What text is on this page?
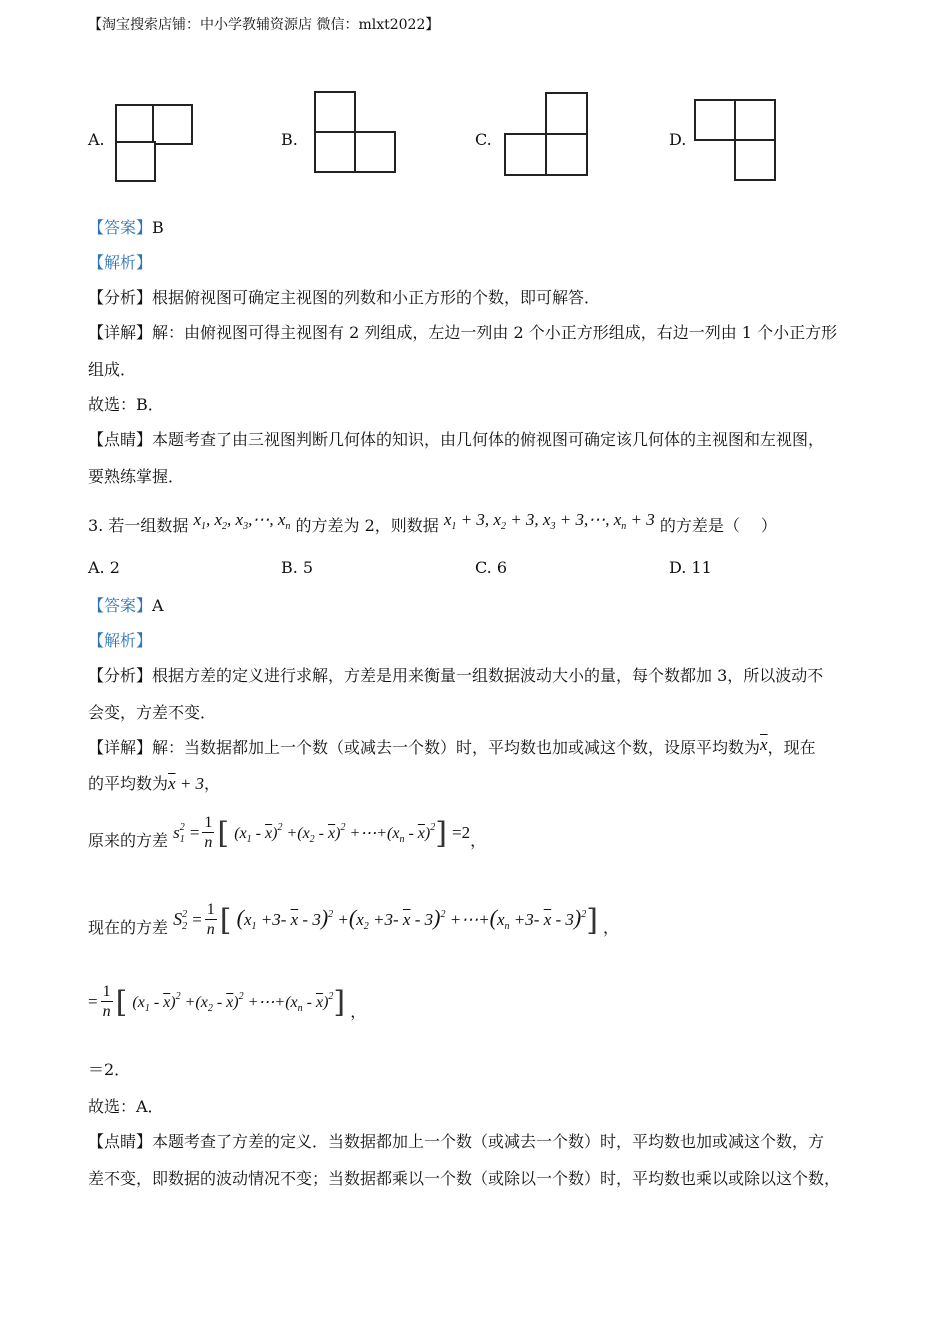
【淘宝搜索店铺：中小学教辅资源店 微信：mlxt2022】
A.	B.	C.	D.
【答案】B
【解析】
【分析】根据俯视图可确定主视图的列数和小正方形的个数，即可解答．
【详解】解：由俯视图可得主视图有 2 列组成，左边一列由 2 个小正方形组成，右边一列由 1 个小正方形
组成．
故选：B．
【点睛】本题考查了由三视图判断几何体的知识，由几何体的俯视图可确定该几何体的主视图和左视图，
要熟练掌握．
3. 若一组数据 $x_1$, $x_2$, $x_3,\cdots$, $x_n$ 的方差为 2，则数据 $x_1 + 3$, $x_2 + 3$, $x_3$ + 3,⋯, $x_n + 3$ 的方差是（　 ）
A. 2	B. 5	C. 6	D. 11
【答案】A
【解析】
【分析】根据方差的定义进行求解，方差是用来衡量一组数据波动大小的量，每个数都加 3，所以波动不
会变，方差不变．
【详解】解：当数据都加上一个数（或减去一个数）时，平均数也加或减这个数，设原平均数为$\overline{x}$，现在
的平均数为$\overline{x} + 3$，
原来的方差 $s_1^2 = \frac{1}{n}$ [ $(x_1 - \overline{x})^2 +(x_2 - \overline{x})^2$ $+\cdots+(x_n - \overline{x})^2] =2$，
现在的方差 $S_2^2 = \frac{1}{n}$ [ ($x_1 +3-$ $\overline{x} - 3)^2 +(x_2 +3-$ $\overline{x} - 3)^2$ $+\cdots+(x_n +3-$ $\overline{x} - 3)^2$] ，
= $\frac{1}{n}$ [ $(x_1 - \overline{x})^2 +(x_2 - \overline{x})^2$ $+\cdots+(x_n - \overline{x})^2$] ，
＝2．
故选：A．
【点睛】本题考查了方差的定义．当数据都加上一个数（或减去一个数）时，平均数也加或减这个数，方
差不变，即数据的波动情况不变；当数据都乘以一个数（或除以一个数）时，平均数也乘以或除以这个数，
